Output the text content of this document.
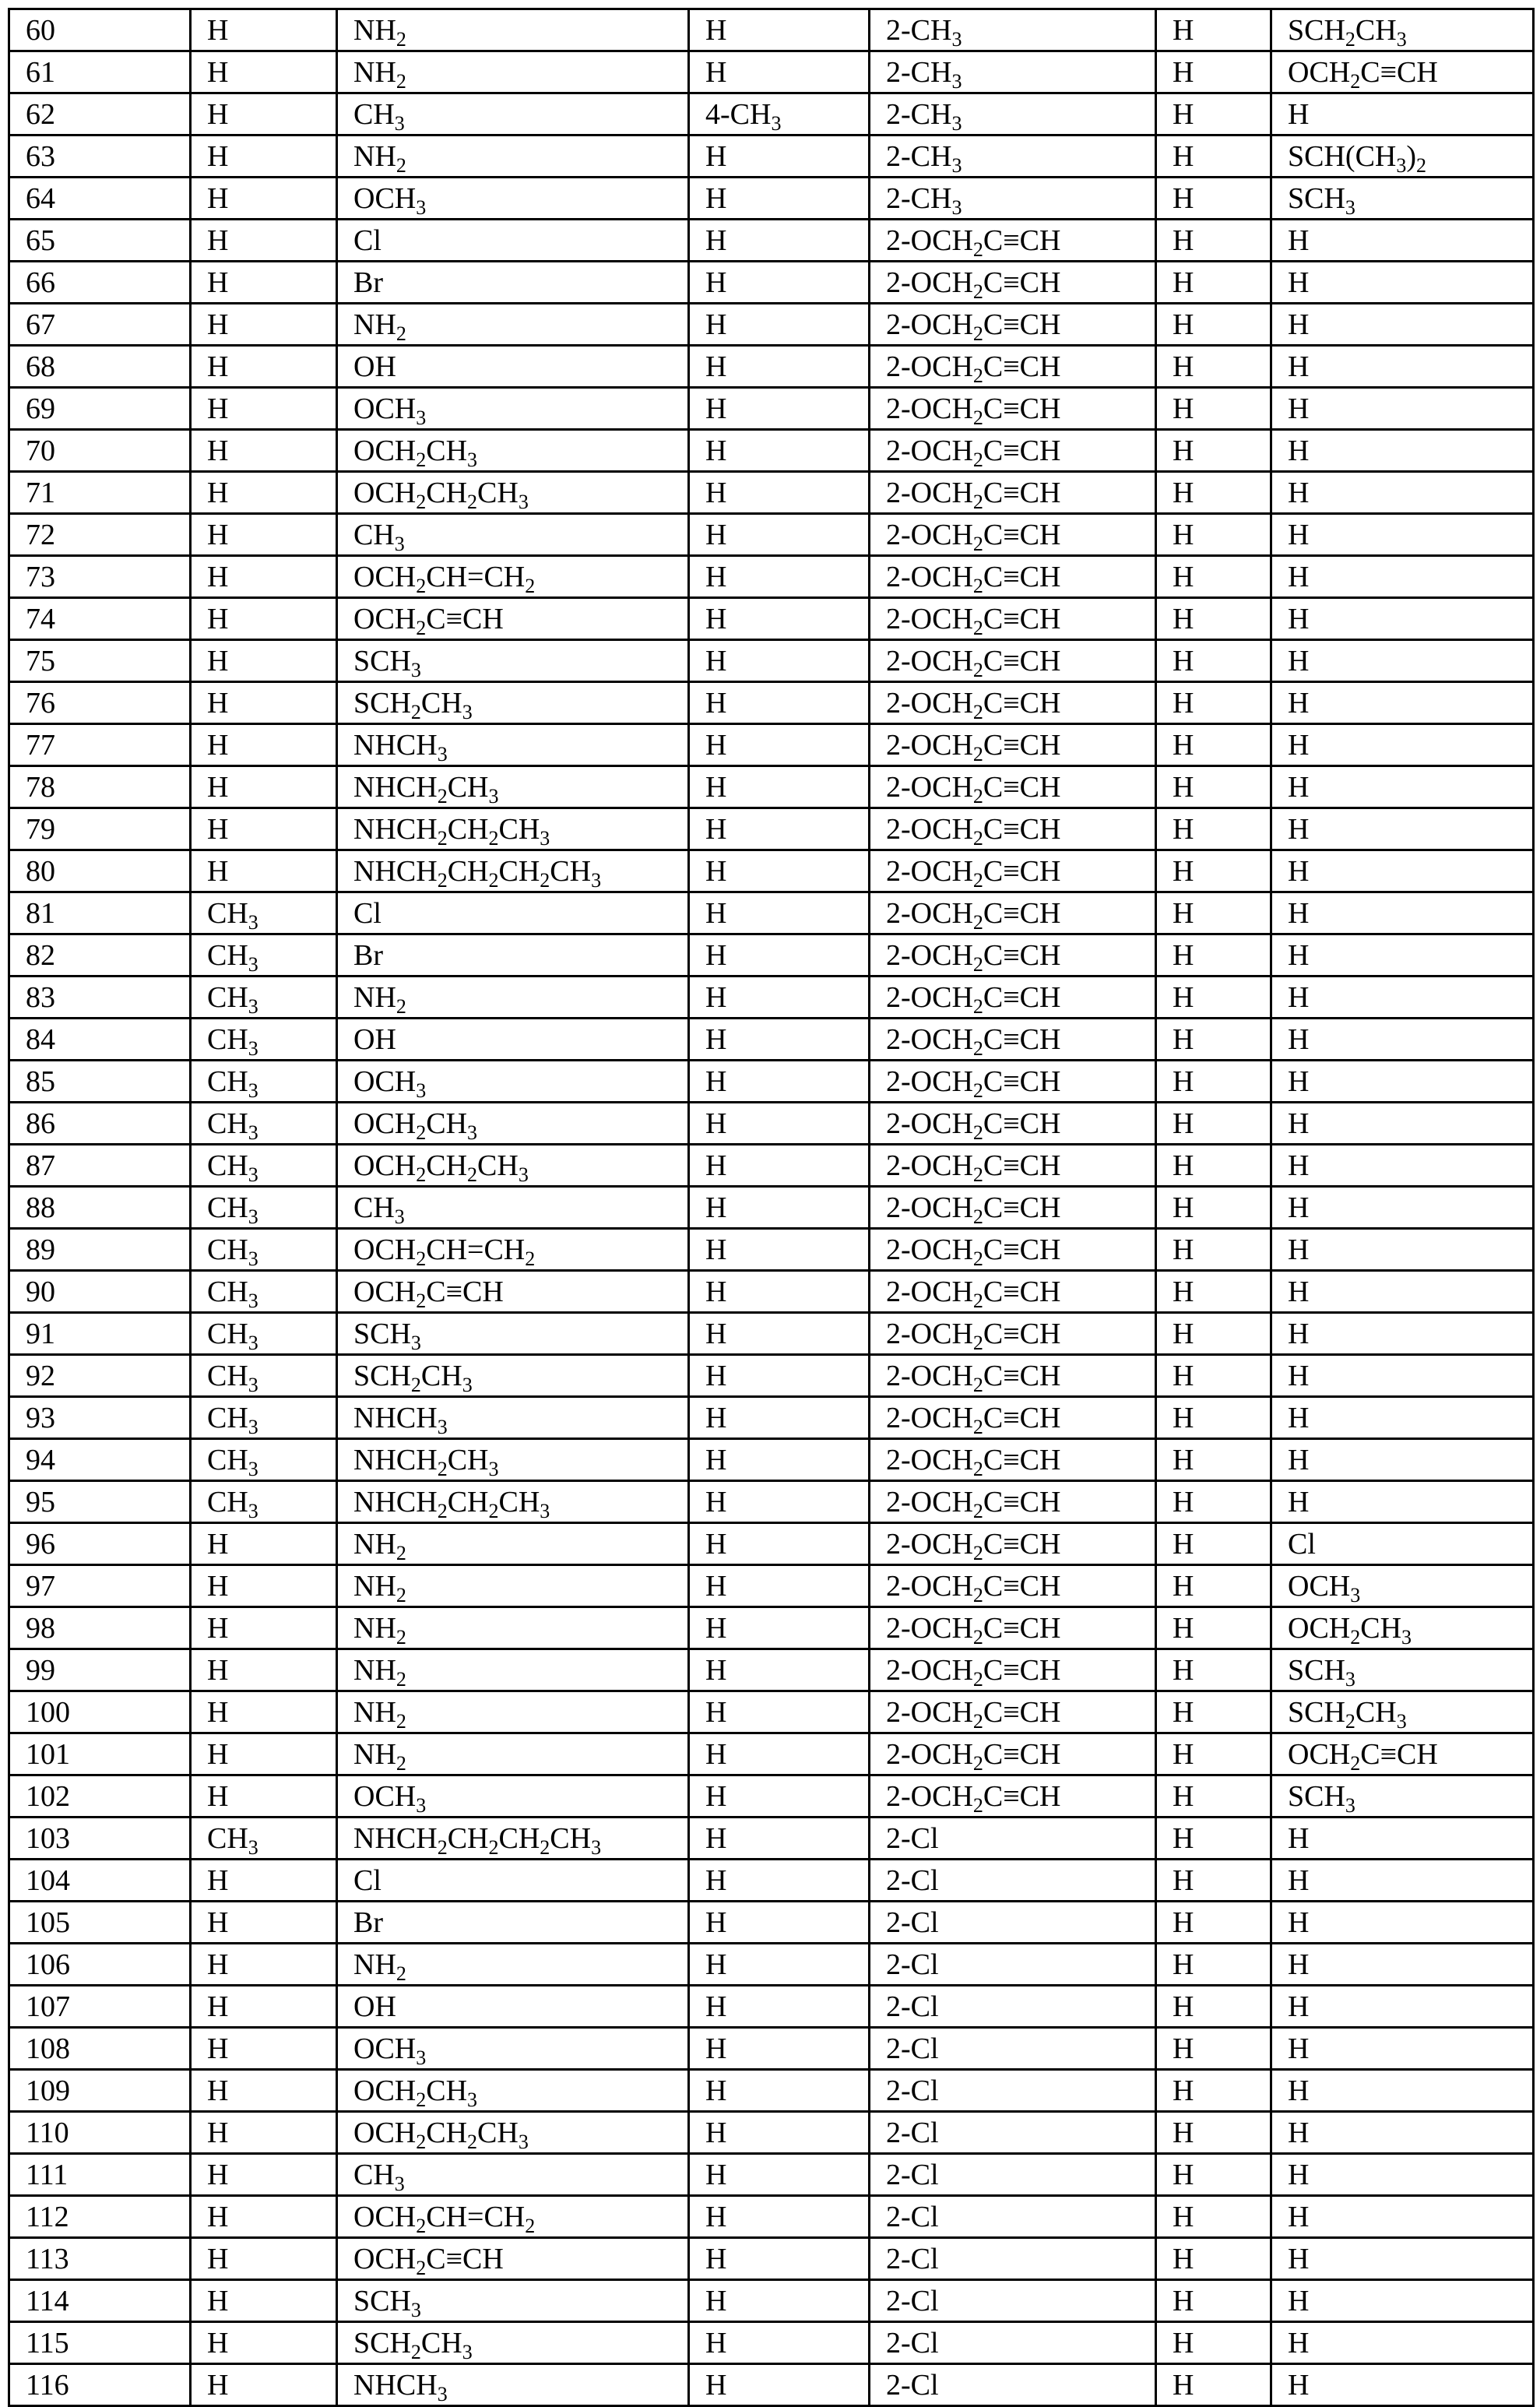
60	H	$NH_2$	H	$2-CH_3$	H	$SCH_2CH_3$
61	H	$NH_2$	H	$2-CH_3$	H	$OCH_2C\equiv CH$
62	H	$CH_3$	$4-CH_3$	$2-CH_3$	H	H
63	H	$NH_2$	H	$2-CH_3$	H	$SCH(CH_3)_2$
64	H	$OCH_3$	H	$2-CH_3$	H	$SCH_3$
65	H	Cl	H	$2-OCH_2C\equiv CH$	H	H
66	H	Br	H	$2-OCH_2C\equiv CH$	H	H
67	H	$NH_2$	H	$2-OCH_2C\equiv CH$	H	H
68	H	OH	H	$2-OCH_2C\equiv CH$	H	H
69	H	$OCH_3$	H	$2-OCH_2C\equiv CH$	H	H
70	H	$OCH_2CH_3$	H	$2-OCH_2C\equiv CH$	H	H
71	H	$OCH_2CH_2CH_3$	H	$2-OCH_2C\equiv CH$	H	H
72	H	$CH_3$	H	$2-OCH_2C\equiv CH$	H	H
73	H	$OCH_2CH=CH_2$	H	$2-OCH_2C\equiv CH$	H	H
74	H	$OCH_2C\equiv CH$	H	$2-OCH_2C\equiv CH$	H	H
75	H	$SCH_3$	H	$2-OCH_2C\equiv CH$	H	H
76	H	$SCH_2CH_3$	H	$2-OCH_2C\equiv CH$	H	H
77	H	$NHCH_3$	H	$2-OCH_2C\equiv CH$	H	H
78	H	$NHCH_2CH_3$	H	$2-OCH_2C\equiv CH$	H	H
79	H	$NHCH_2CH_2CH_3$	H	$2-OCH_2C\equiv CH$	H	H
80	H	$NHCH_2CH_2CH_2CH_3$	H	$2-OCH_2C\equiv CH$	H	H
81	$CH_3$	Cl	H	$2-OCH_2C\equiv CH$	H	H
82	$CH_3$	Br	H	$2-OCH_2C\equiv CH$	H	H
83	$CH_3$	$NH_2$	H	$2-OCH_2C\equiv CH$	H	H
84	$CH_3$	OH	H	$2-OCH_2C\equiv CH$	H	H
85	$CH_3$	$OCH_3$	H	$2-OCH_2C\equiv CH$	H	H
86	$CH_3$	$OCH_2CH_3$	H	$2-OCH_2C\equiv CH$	H	H
87	$CH_3$	$OCH_2CH_2CH_3$	H	$2-OCH_2C\equiv CH$	H	H
88	$CH_3$	$CH_3$	H	$2-OCH_2C\equiv CH$	H	H
89	$CH_3$	$OCH_2CH=CH_2$	H	$2-OCH_2C\equiv CH$	H	H
90	$CH_3$	$OCH_2C\equiv CH$	H	$2-OCH_2C\equiv CH$	H	H
91	$CH_3$	$SCH_3$	H	$2-OCH_2C\equiv CH$	H	H
92	$CH_3$	$SCH_2CH_3$	H	$2-OCH_2C\equiv CH$	H	H
93	$CH_3$	$NHCH_3$	H	$2-OCH_2C\equiv CH$	H	H
94	$CH_3$	$NHCH_2CH_3$	H	$2-OCH_2C\equiv CH$	H	H
95	$CH_3$	$NHCH_2CH_2CH_3$	H	$2-OCH_2C\equiv CH$	H	H
96	H	$NH_2$	H	$2-OCH_2C\equiv CH$	H	Cl
97	H	$NH_2$	H	$2-OCH_2C\equiv CH$	H	$OCH_3$
98	H	$NH_2$	H	$2-OCH_2C\equiv CH$	H	$OCH_2CH_3$
99	H	$NH_2$	H	$2-OCH_2C\equiv CH$	H	$SCH_3$
100	H	$NH_2$	H	$2-OCH_2C\equiv CH$	H	$SCH_2CH_3$
101	H	$NH_2$	H	$2-OCH_2C\equiv CH$	H	$OCH_2C\equiv CH$
102	H	$OCH_3$	H	$2-OCH_2C\equiv CH$	H	$SCH_3$
103	$CH_3$	$NHCH_2CH_2CH_2CH_3$	H	2-Cl	H	H
104	H	Cl	H	2-Cl	H	H
105	H	Br	H	2-Cl	H	H
106	H	$NH_2$	H	2-Cl	H	H
107	H	OH	H	2-Cl	H	H
108	H	$OCH_3$	H	2-Cl	H	H
109	H	$OCH_2CH_3$	H	2-Cl	H	H
110	H	$OCH_2CH_2CH_3$	H	2-Cl	H	H
111	H	$CH_3$	H	2-Cl	H	H
112	H	$OCH_2CH=CH_2$	H	2-Cl	H	H
113	H	$OCH_2C\equiv CH$	H	2-Cl	H	H
114	H	$SCH_3$	H	2-Cl	H	H
115	H	$SCH_2CH_3$	H	2-Cl	H	H
116	H	$NHCH_3$	H	2-Cl	H	H
